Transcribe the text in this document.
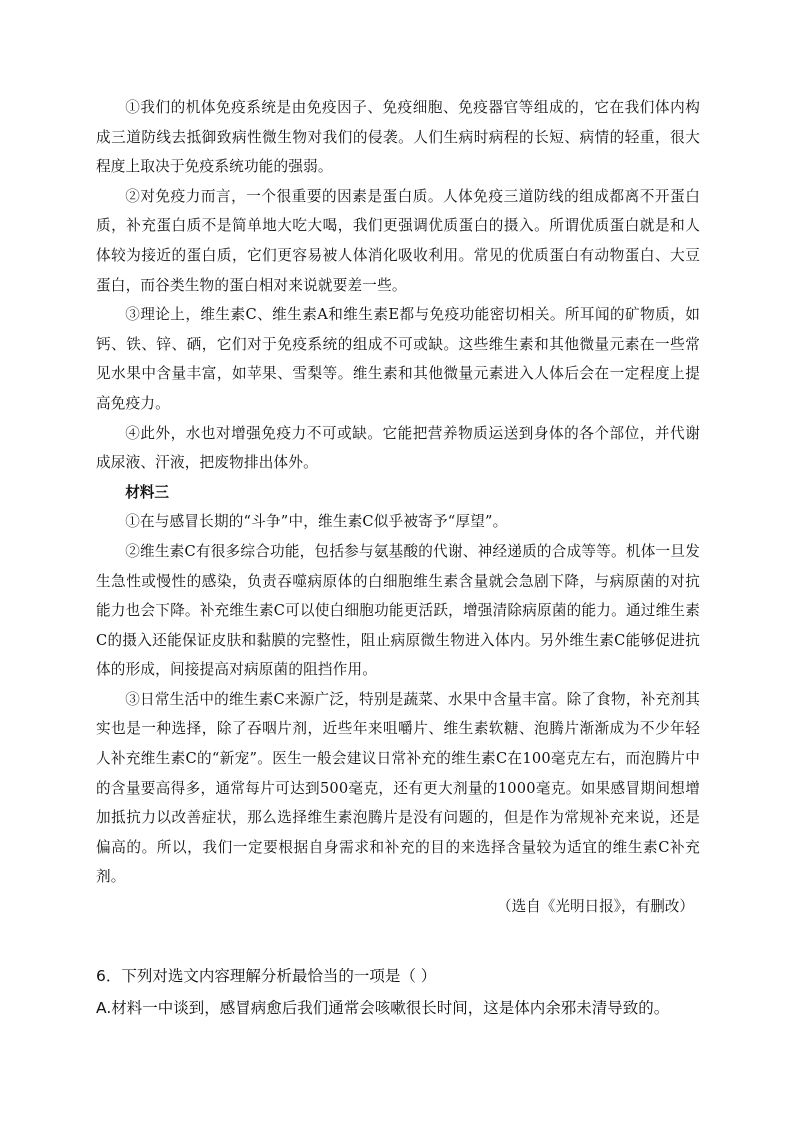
①我们的机体免疫系统是由免疫因子、免疫细胞、免疫器官等组成的，它在我们体内构成三道防线去抵御致病性微生物对我们的侵袭。人们生病时病程的长短、病情的轻重，很大程度上取决于免疫系统功能的强弱。

②对免疫力而言，一个很重要的因素是蛋白质。人体免疫三道防线的组成都离不开蛋白质，补充蛋白质不是简单地大吃大喝，我们更强调优质蛋白的摄入。所谓优质蛋白就是和人体较为接近的蛋白质，它们更容易被人体消化吸收利用。常见的优质蛋白有动物蛋白、大豆蛋白，而谷类生物的蛋白相对来说就要差一些。

③理论上，维生素C、维生素A和维生素E都与免疫功能密切相关。所耳闻的矿物质，如钙、铁、锌、硒，它们对于免疫系统的组成不可或缺。这些维生素和其他微量元素在一些常见水果中含量丰富，如苹果、雪梨等。维生素和其他微量元素进入人体后会在一定程度上提高免疫力。

④此外，水也对增强免疫力不可或缺。它能把营养物质运送到身体的各个部位，并代谢成尿液、汗液，把废物排出体外。

材料三

①在与感冒长期的“斗争”中，维生素C似乎被寄予“厚望”。

②维生素C有很多综合功能，包括参与氨基酸的代谢、神经递质的合成等等。机体一旦发生急性或慢性的感染，负责吞噬病原体的白细胞维生素含量就会急剧下降，与病原菌的对抗能力也会下降。补充维生素C可以使白细胞功能更活跃，增强清除病原菌的能力。通过维生素C的摄入还能保证皮肤和黏膜的完整性，阻止病原微生物进入体内。另外维生素C能够促进抗体的形成，间接提高对病原菌的阻挡作用。

③日常生活中的维生素C来源广泛，特别是蔬菜、水果中含量丰富。除了食物，补充剂其实也是一种选择，除了吞咽片剂，近些年来咀嚼片、维生素软糖、泡腾片渐渐成为不少年轻人补充维生素C的“新宠”。医生一般会建议日常补充的维生素C在100毫克左右，而泡腾片中的含量要高得多，通常每片可达到500毫克，还有更大剂量的1000毫克。如果感冒期间想增加抵抗力以改善症状，那么选择维生素泡腾片是没有问题的，但是作为常规补充来说，还是偏高的。所以，我们一定要根据自身需求和补充的目的来选择含量较为适宜的维生素C补充剂。

（选自《光明日报》，有删改）

6．下列对选文内容理解分析最恰当的一项是（ ）

A.材料一中谈到，感冒病愈后我们通常会咳嗽很长时间，这是体内余邪未清导致的。
